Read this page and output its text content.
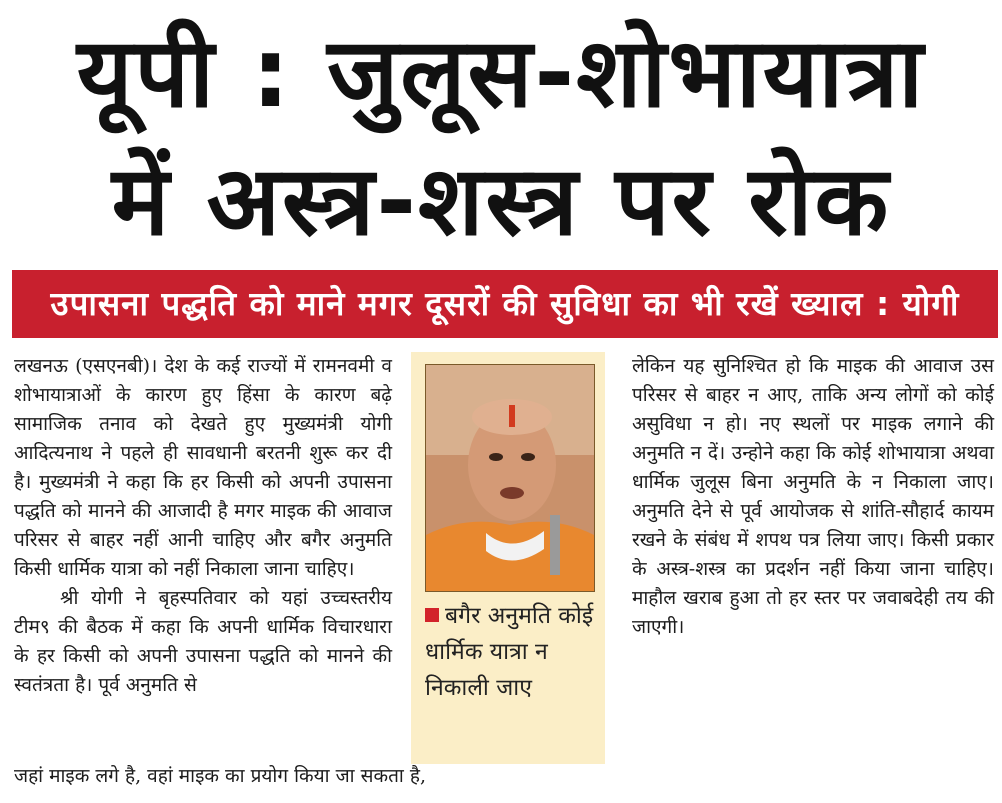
यूपी : जुलूस-शोभायात्रा
में अस्त्र-शस्त्र पर रोक
उपासना पद्धति को माने मगर दूसरों की सुविधा का भी रखें ख्याल : योगी

लखनऊ (एसएनबी)। देश के कई राज्यों में रामनवमी व शोभायात्राओं के कारण हुए हिंसा के कारण बढ़े सामाजिक तनाव को देखते हुए मुख्यमंत्री योगी आदित्यनाथ ने पहले ही सावधानी बरतनी शुरू कर दी है। मुख्यमंत्री ने कहा कि हर किसी को अपनी उपासना पद्धति को मानने की आजादी है मगर माइक की आवाज परिसर से बाहर नहीं आनी चाहिए और बगैर अनुमति किसी धार्मिक यात्रा को नहीं निकाला जाना चाहिए।

श्री योगी ने बृहस्पतिवार को यहां उच्चस्तरीय टीम९ की बैठक में कहा कि अपनी धार्मिक विचारधारा के हर किसी को अपनी उपासना पद्धति को मानने की स्वतंत्रता है। पूर्व अनुमति से

जहां माइक लगे है, वहां माइक का प्रयोग किया जा सकता है,
बगैर अनुमति कोई धार्मिक यात्रा न निकाली जाए

लेकिन यह सुनिश्चित हो कि माइक की आवाज उस परिसर से बाहर न आए, ताकि अन्य लोगों को कोई असुविधा न हो। नए स्थलों पर माइक लगाने की अनुमति न दें। उन्होने कहा कि कोई शोभायात्रा अथवा धार्मिक जुलूस बिना अनुमति के न निकाला जाए। अनुमति देने से पूर्व आयोजक से शांति-सौहार्द कायम रखने के संबंध में शपथ पत्र लिया जाए। किसी प्रकार के अस्त्र-शस्त्र का प्रदर्शन नहीं किया जाना चाहिए। माहौल खराब हुआ तो हर स्तर पर जवाबदेही तय की जाएगी।
